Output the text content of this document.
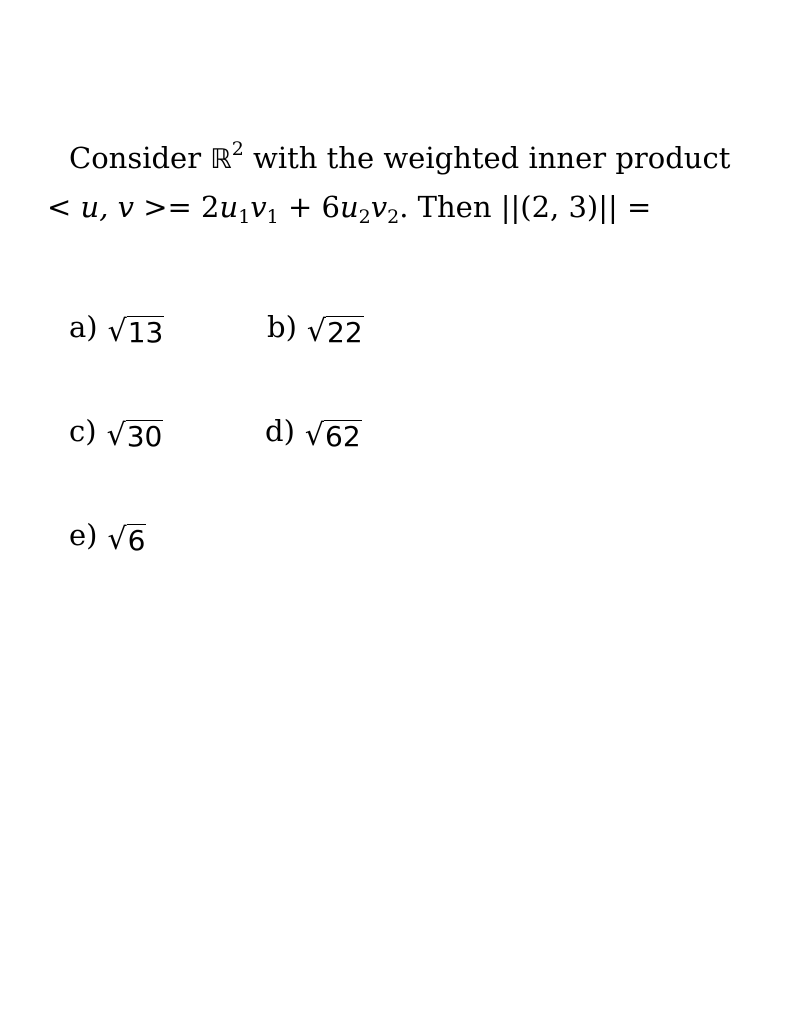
Consider ℝ$^2$ with the weighted inner product
< u, $v >= 2u_1v_1 + 6u_2v_2$. Then ||(2, 3)|| =
a) √ 13	b) √ 22
c) √ 30	d) √ 62
e) √ 6
